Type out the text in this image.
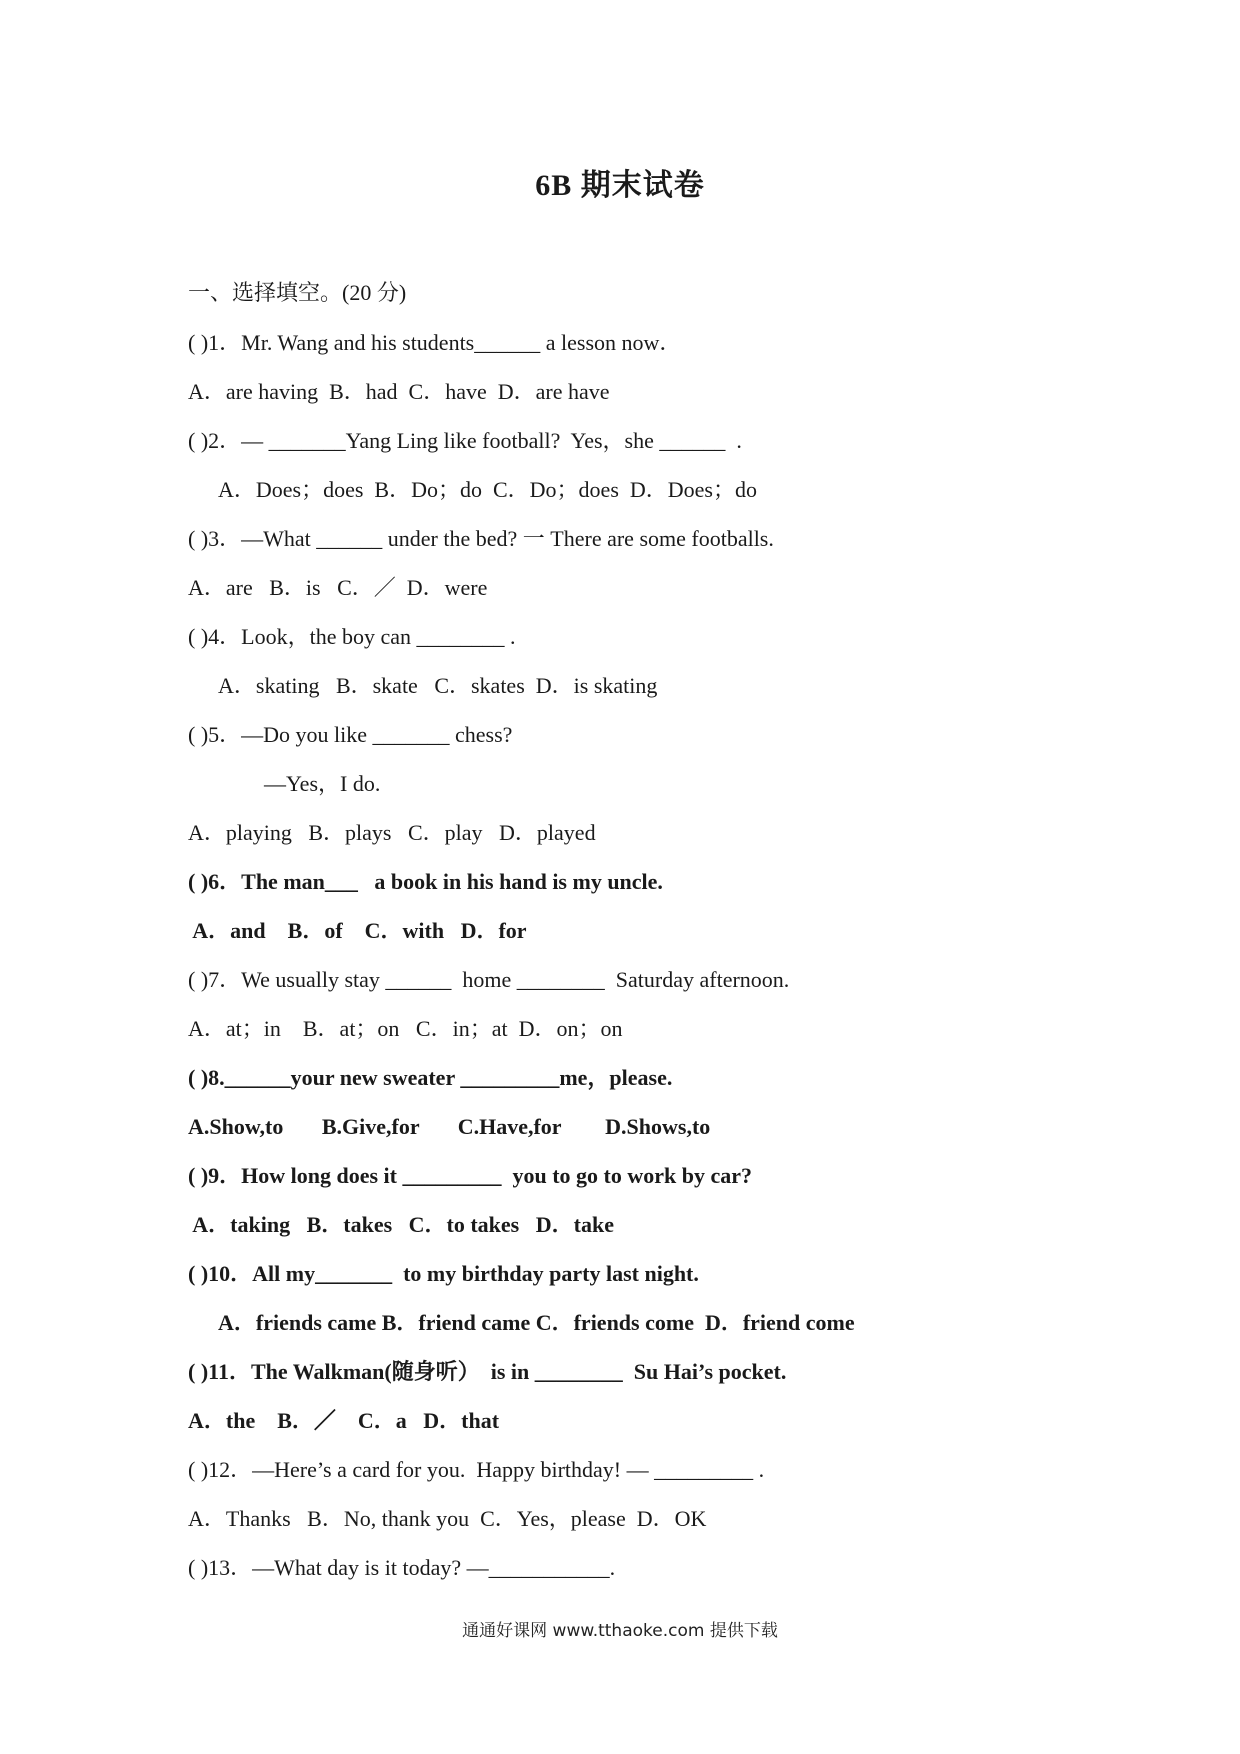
6B 期末试卷
一、选择填空。(20 分)
( )1．Mr. Wang and his students______ a lesson now．
A．are having  B．had  C．have  D．are have
( )2．— _______Yang Ling like football?  Yes，she ______  .
A．Does；does  B．Do；do  C．Do；does  D．Does；do
( )3．—What ______ under the bed? 一 There are some footballs.
A．are   B．is   C．／  D．were
( )4．Look，the boy can ________ .
A．skating   B．skate   C．skates  D．is skating
( )5．—Do you like _______ chess?
—Yes，I do.
A．playing   B．plays   C．play   D．played
( )6．The man___   a book in his hand is my uncle.
A．and    B．of    C．with   D．for
( )7．We usually stay ______  home ________  Saturday afternoon.
A．at；in    B．at；on   C．in；at  D．on；on
( )8.______your new sweater _________me，please.
A.Show,to       B.Give,for       C.Have,for        D.Shows,to
( )9．How long does it _________  you to go to work by car?
A．taking   B．takes   C．to takes   D．take
( )10．All my_______  to my birthday party last night.
A．friends came B．friend came C．friends come  D．friend come
( )11．The Walkman(随身听）  is in ________  Su Hai’s pocket.
A．the    B．／    C．a   D．that
( )12．—Here’s a card for you.  Happy birthday! — _________ .
A．Thanks   B．No, thank you  C．Yes，please  D．OK
( )13．—What day is it today? —___________.
通通好课网 www.tthaoke.com 提供下载
